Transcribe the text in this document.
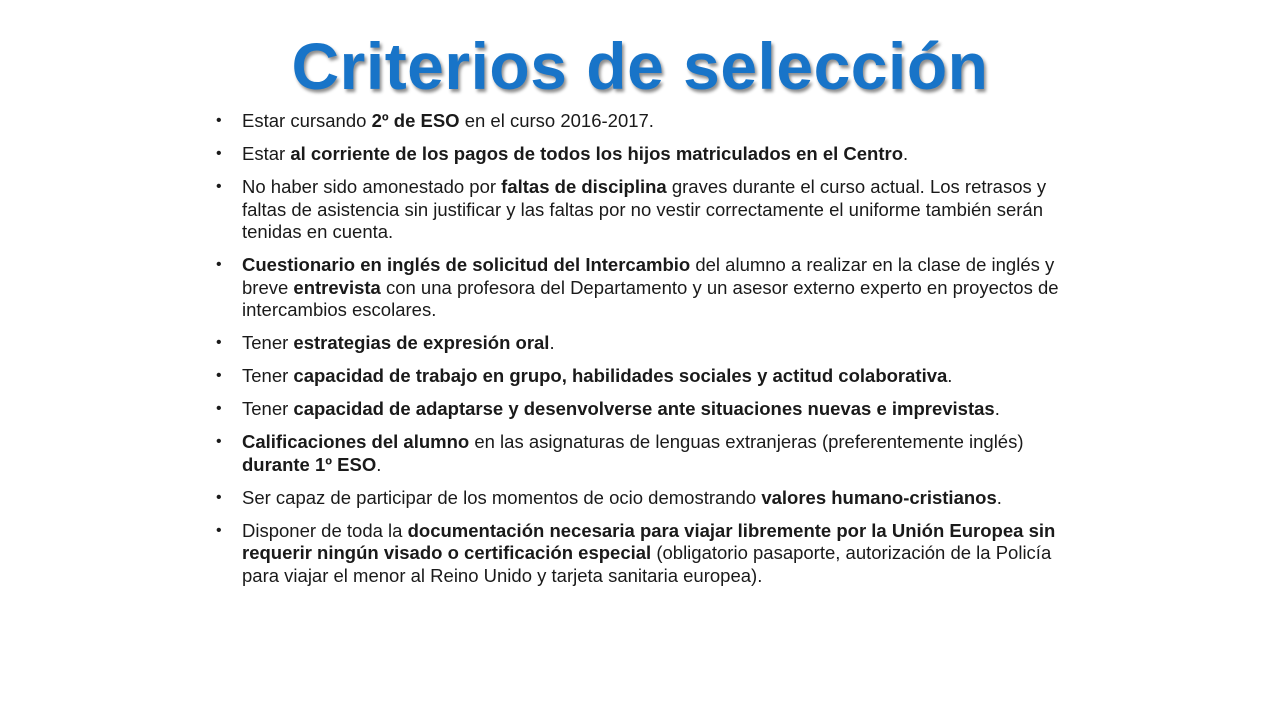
Criterios de selección
• Estar cursando 2º de ESO en el curso 2016-2017.
• Estar al corriente de los pagos de todos los hijos matriculados en el Centro.
• No haber sido amonestado por faltas de disciplina graves durante el curso actual. Los retrasos y faltas de asistencia sin justificar y las faltas por no vestir correctamente el uniforme también serán tenidas en cuenta.
• Cuestionario en inglés de solicitud del Intercambio del alumno a realizar en la clase de inglés y breve entrevista con una profesora del Departamento y un asesor externo experto en proyectos de intercambios escolares.
• Tener estrategias de expresión oral.
• Tener capacidad de trabajo en grupo, habilidades sociales y actitud colaborativa.
• Tener capacidad de adaptarse y desenvolverse ante situaciones nuevas e imprevistas.
• Calificaciones del alumno en las asignaturas de lenguas extranjeras (preferentemente inglés) durante 1º ESO.
• Ser capaz de participar de los momentos de ocio demostrando valores humano-cristianos.
• Disponer de toda la documentación necesaria para viajar libremente por la Unión Europea sin requerir ningún visado o certificación especial (obligatorio pasaporte, autorización de la Policía para viajar el menor al Reino Unido y tarjeta sanitaria europea).
